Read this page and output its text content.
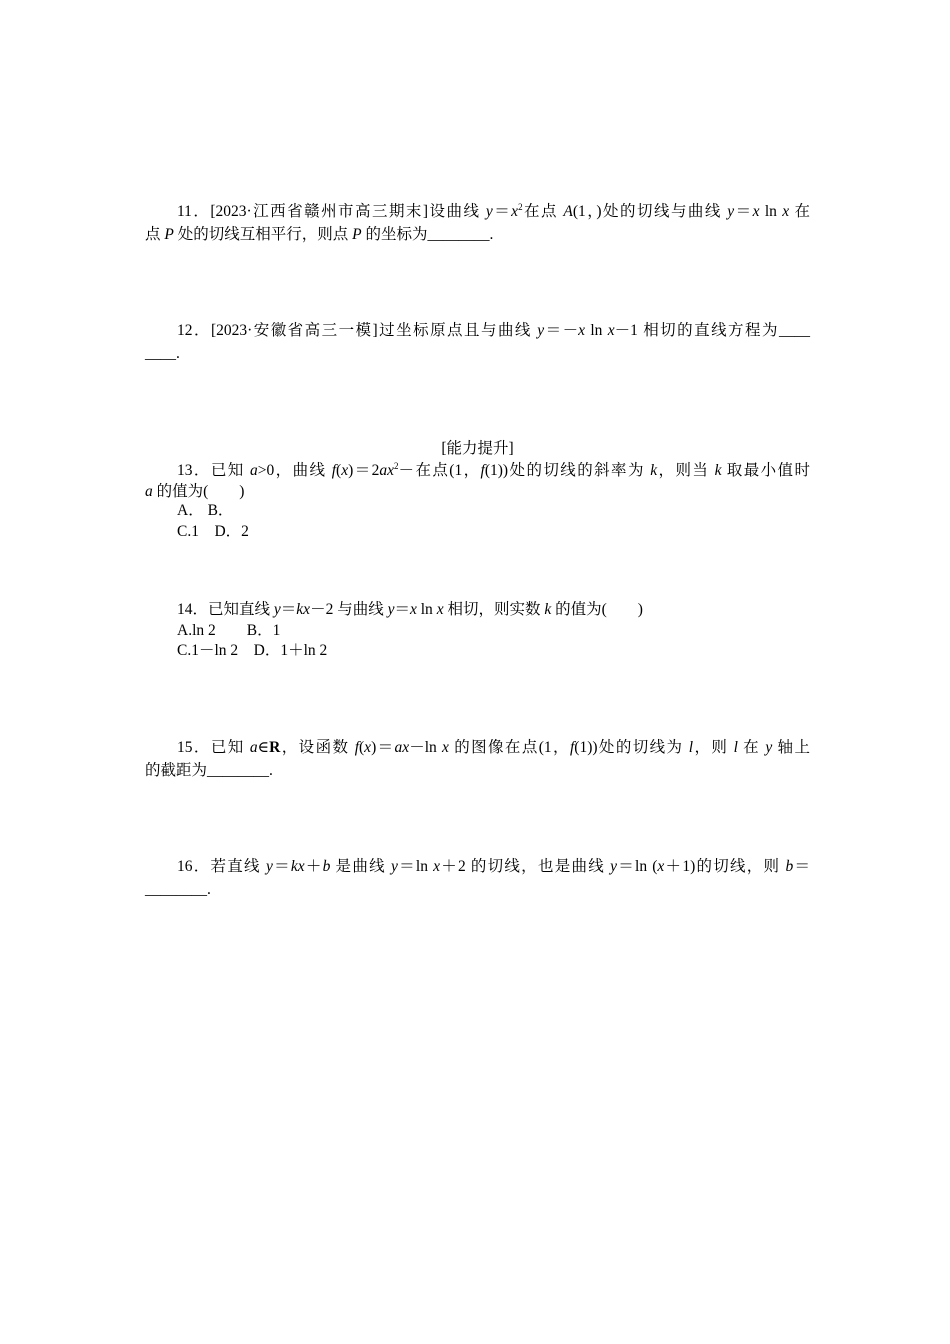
11．[2023·江西省赣州市高三期末]设曲线 $y=x^2$在点 A(1，)处的切线与曲线 y＝x ln x 在
点 P 处的切线互相平行，则点 P 的坐标为________.
12．[2023·安徽省高三一模]过坐标原点且与曲线 y＝－x ln x－1 相切的直线方程为____
____.
[能力提升]
13．已知 a>0，曲线 $f(x)=2ax^2-$在点(1，f(1))处的切线的斜率为 k，则当 k 取最小值时
a 的值为(　　)
A． B．
C.1　D．2
14．已知直线 y＝kx－2 与曲线 y＝x ln x 相切，则实数 k 的值为(　　)
A.ln 2　　B．1
C.1－ln 2　D．1＋ln 2
15．已知 a∈R，设函数 f(x)＝ax－ln x 的图像在点(1，f(1))处的切线为 l，则 l 在 y 轴上
的截距为________.
16．若直线 y＝kx＋b 是曲线 y＝ln x＋2 的切线，也是曲线 y＝ln (x＋1)的切线，则 b＝
________.
